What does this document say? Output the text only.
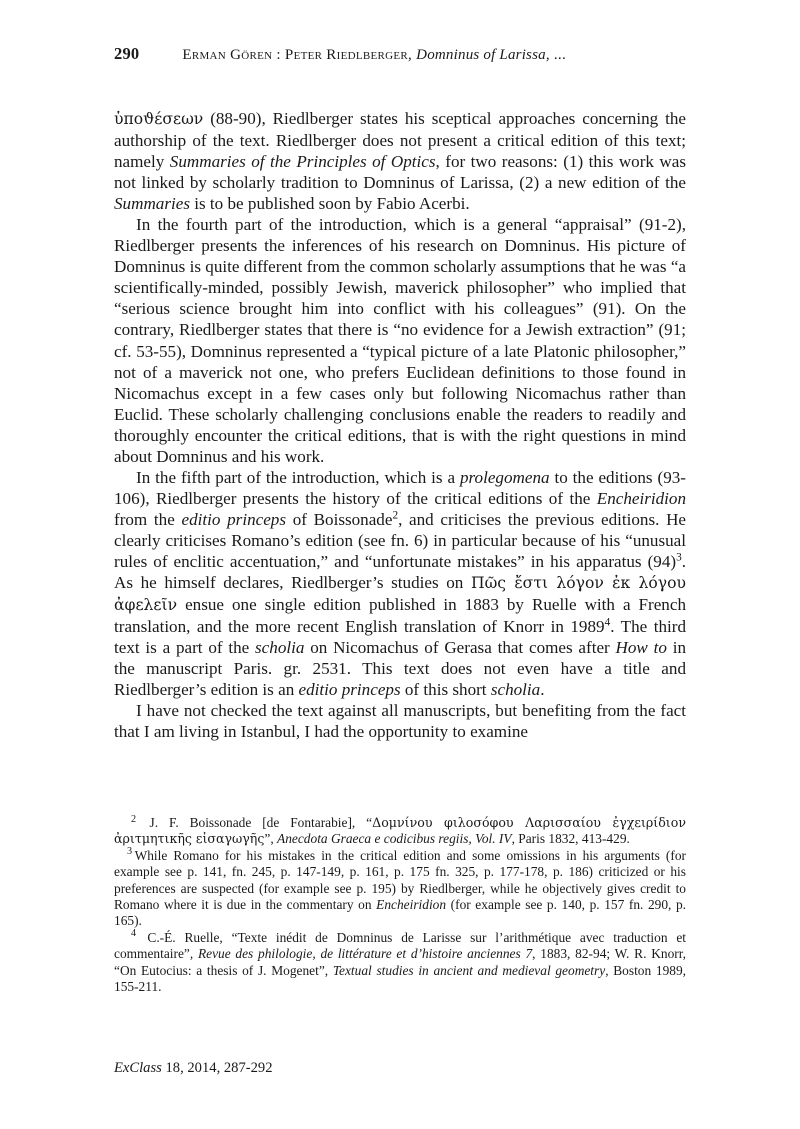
290	Erman Gören : Peter Riedlberger, Domninus of Larissa, ...

ὑποϑέσεων (88-90), Riedlberger states his sceptical approaches concerning the authorship of the text. Riedlberger does not present a critical edition of this text; namely Summaries of the Principles of Optics, for two reasons: (1) this work was not linked by scholarly tradition to Domninus of Larissa, (2) a new edition of the Summaries is to be published soon by Fabio Acerbi.

In the fourth part of the introduction, which is a general “appraisal” (91-2), Riedlberger presents the inferences of his research on Domninus. His picture of Domninus is quite different from the common scholarly assumptions that he was “a scientifically-minded, possibly Jewish, maverick philosopher” who implied that “serious science brought him into conflict with his colleagues” (91). On the contrary, Riedlberger states that there is “no evidence for a Jewish extraction” (91; cf. 53-55), Domninus represented a “typical picture of a late Platonic philosopher,” not of a maverick not one, who prefers Euclidean definitions to those found in Nicomachus except in a few cases only but following Nicomachus rather than Euclid. These scholarly challenging conclusions enable the readers to readily and thoroughly encounter the critical editions, that is with the right questions in mind about Domninus and his work.

In the fifth part of the introduction, which is a prolegomena to the editions (93-106), Riedlberger presents the history of the critical editions of the Encheiridion from the editio princeps of Boissonade$^2$, and criticises the previous editions. He clearly criticises Romano’s edition (see fn. 6) in particular because of his “unusual rules of enclitic accentuation,” and “unfortunate mistakes” in his apparatus (94)$^3$. As he himself declares, Riedlberger’s studies on Πῶς ἔστι λόγον ἐκ λόγου ἀφελεῖν ensue one single edition published in 1883 by Ruelle with a French translation, and the more recent English translation of Knorr in 1989$^4$. The third text is a part of the scholia on Nicomachus of Gerasa that comes after How to in the manuscript Paris. gr. 2531. This text does not even have a title and Riedlberger’s edition is an editio princeps of this short scholia.

I have not checked the text against all manuscripts, but benefiting from the fact that I am living in Istanbul, I had the opportunity to examine

$^2$ J. F. Boissonade [de Fontarabie], “Δομνίνου φιλοσόφου Λαρισσαίου ἐγχειρίδιον ἀριτμητικῆς εἰσαγωγῆς”, Anecdota Graeca e codicibus regiis, Vol. IV, Paris 1832, 413-429.

$^3$ While Romano for his mistakes in the critical edition and some omissions in his arguments (for example see p. 141, fn. 245, p. 147-149, p. 161, p. 175 fn. 325, p. 177-178, p. 186) criticized or his preferences are suspected (for example see p. 195) by Riedlberger, while he objectively gives credit to Romano where it is due in the commentary on Encheiridion (for example see p. 140, p. 157 fn. 290, p. 165).

$^4$ C.-É. Ruelle, “Texte inédit de Domninus de Larisse sur l’arithmétique avec traduction et commentaire”, Revue des philologie, de littérature et d’histoire anciennes 7, 1883, 82-94; W. R. Knorr, “On Eutocius: a thesis of J. Mogenet”, Textual studies in ancient and medieval geometry, Boston 1989, 155-211.

ExClass 18, 2014, 287-292
